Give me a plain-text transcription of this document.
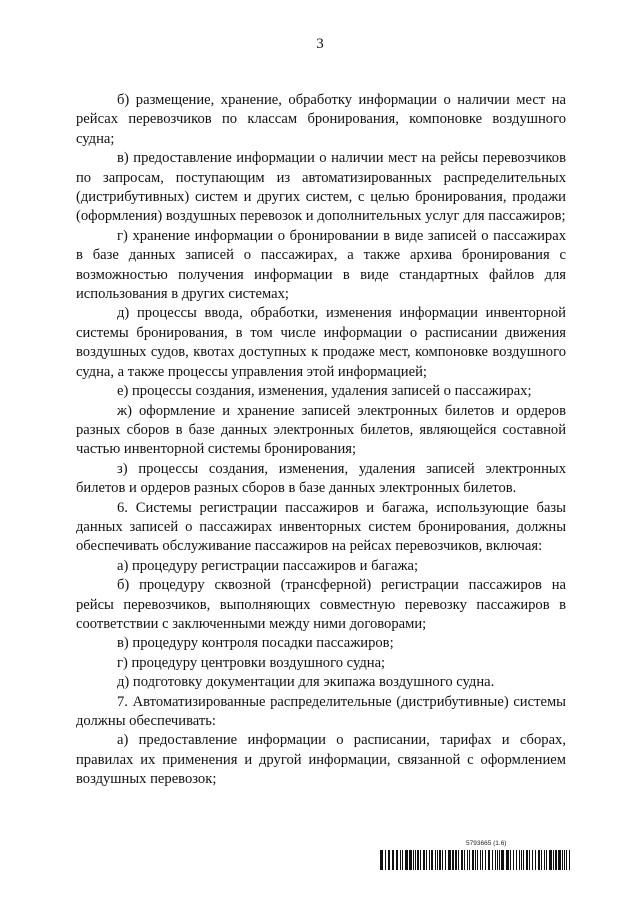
3

б) размещение, хранение, обработку информации о наличии мест на рейсах перевозчиков по классам бронирования, компоновке воздушного судна;

в) предоставление информации о наличии мест на рейсы перевозчиков по запросам, поступающим из автоматизированных распределительных (дистрибутивных) систем и других систем, с целью бронирования, продажи (оформления) воздушных перевозок и дополнительных услуг для пассажиров;

г) хранение информации о бронировании в виде записей о пассажирах в базе данных записей о пассажирах, а также архива бронирования с возможностью получения информации в виде стандартных файлов для использования в других системах;

д) процессы ввода, обработки, изменения информации инвенторной системы бронирования, в том числе информации о расписании движения воздушных судов, квотах доступных к продаже мест, компоновке воздушного судна, а также процессы управления этой информацией;

е) процессы создания, изменения, удаления записей о пассажирах;

ж) оформление и хранение записей электронных билетов и ордеров разных сборов в базе данных электронных билетов, являющейся составной частью инвенторной системы бронирования;

з) процессы создания, изменения, удаления записей электронных билетов и ордеров разных сборов в базе данных электронных билетов.

6. Системы регистрации пассажиров и багажа, использующие базы данных записей о пассажирах инвенторных систем бронирования, должны обеспечивать обслуживание пассажиров на рейсах перевозчиков, включая:

а) процедуру регистрации пассажиров и багажа;

б) процедуру сквозной (трансферной) регистрации пассажиров на рейсы перевозчиков, выполняющих совместную перевозку пассажиров в соответствии с заключенными между ними договорами;

в) процедуру контроля посадки пассажиров;

г) процедуру центровки воздушного судна;

д) подготовку документации для экипажа воздушного судна.

7. Автоматизированные распределительные (дистрибутивные) системы должны обеспечивать:

а) предоставление информации о расписании, тарифах и сборах, правилах их применения и другой информации, связанной с оформлением воздушных перевозок;

5793665 (1.6)
